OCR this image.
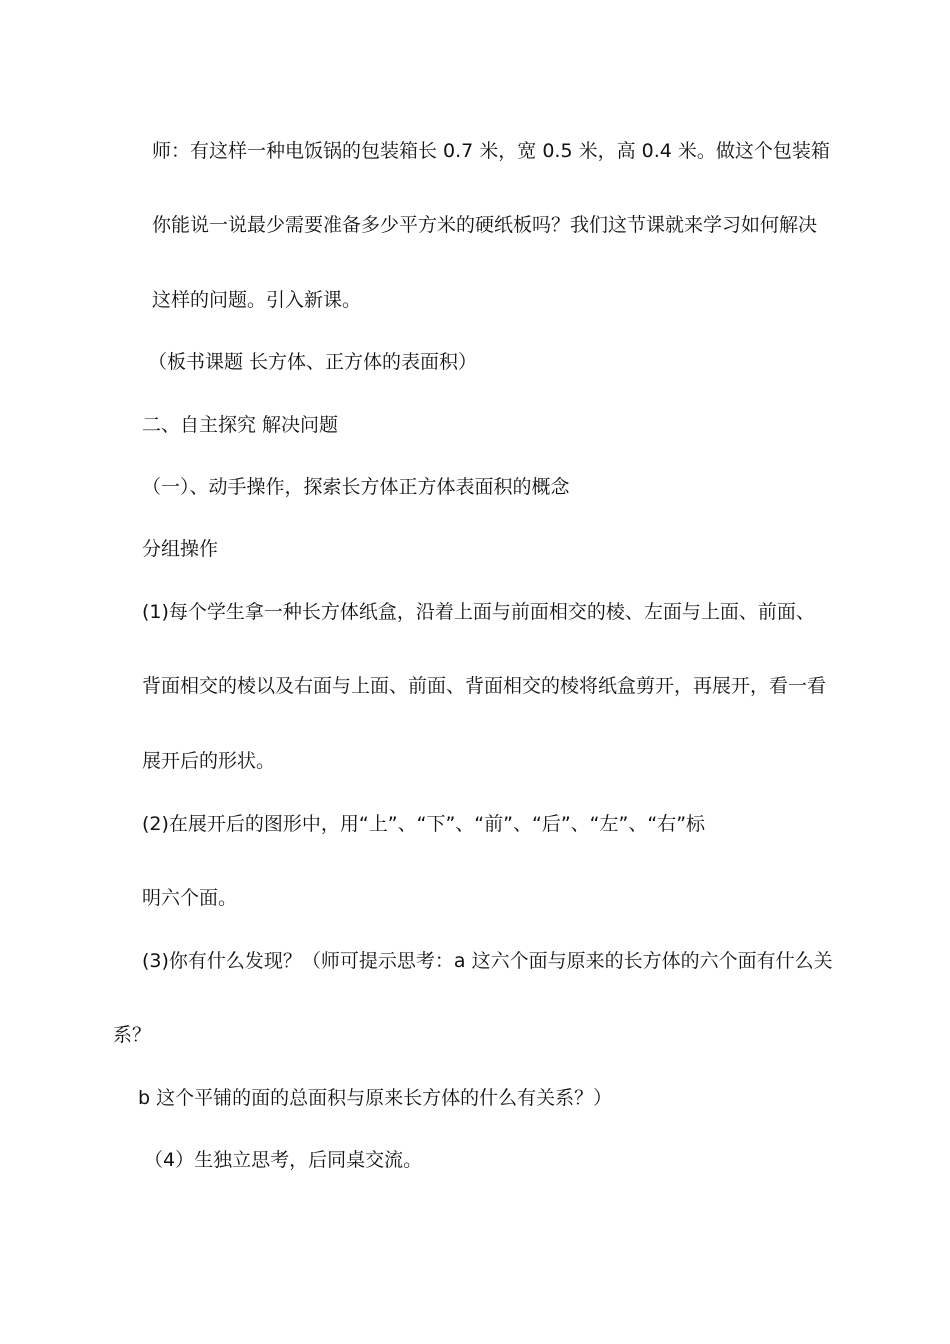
师：有这样一种电饭锅的包装箱长 0.7 米，宽 0.5 米，高 0.4 米。做这个包装箱
你能说一说最少需要准备多少平方米的硬纸板吗？我们这节课就来学习如何解决
这样的问题。引入新课。
（板书课题 长方体、正方体的表面积）
二、自主探究 解决问题
（一）、动手操作，探索长方体正方体表面积的概念
分组操作
(1)每个学生拿一种长方体纸盒，沿着上面与前面相交的棱、左面与上面、前面、
背面相交的棱以及右面与上面、前面、背面相交的棱将纸盒剪开，再展开，看一看
展开后的形状。
(2)在展开后的图形中，用“上”、“下”、“前”、“后”、“左”、“右”标
明六个面。
(3)你有什么发现？（师可提示思考：a 这六个面与原来的长方体的六个面有什么关
系？
b 这个平铺的面的总面积与原来长方体的什么有关系？）
（4）生独立思考，后同桌交流。
